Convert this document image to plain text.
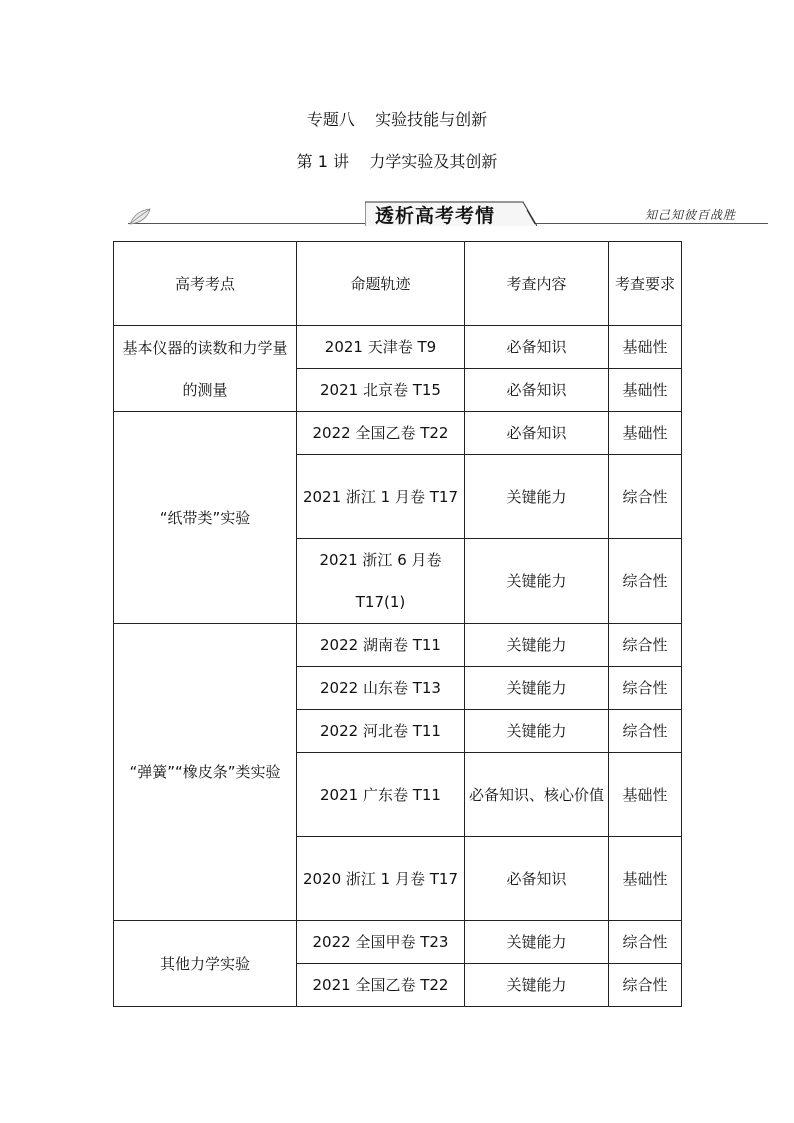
专题八 实验技能与创新
第 1 讲 力学实验及其创新
透析高考考情	知己知彼百战胜
高考考点	命题轨迹	考查内容	考查要求
基本仪器的读数和力学量的测量	2021 天津卷 T9	必备知识	基础性
	2021 北京卷 T15	必备知识	基础性
“纸带类”实验	2022 全国乙卷 T22	必备知识	基础性
	2021 浙江 1 月卷 T17	关键能力	综合性
	2021 浙江 6 月卷 T17(1)	关键能力	综合性
“弹簧”“橡皮条”类实验	2022 湖南卷 T11	关键能力	综合性
	2022 山东卷 T13	关键能力	综合性
	2022 河北卷 T11	关键能力	综合性
	2021 广东卷 T11	必备知识、核心价值	基础性
	2020 浙江 1 月卷 T17	必备知识	基础性
其他力学实验	2022 全国甲卷 T23	关键能力	综合性
	2021 全国乙卷 T22	关键能力	综合性
